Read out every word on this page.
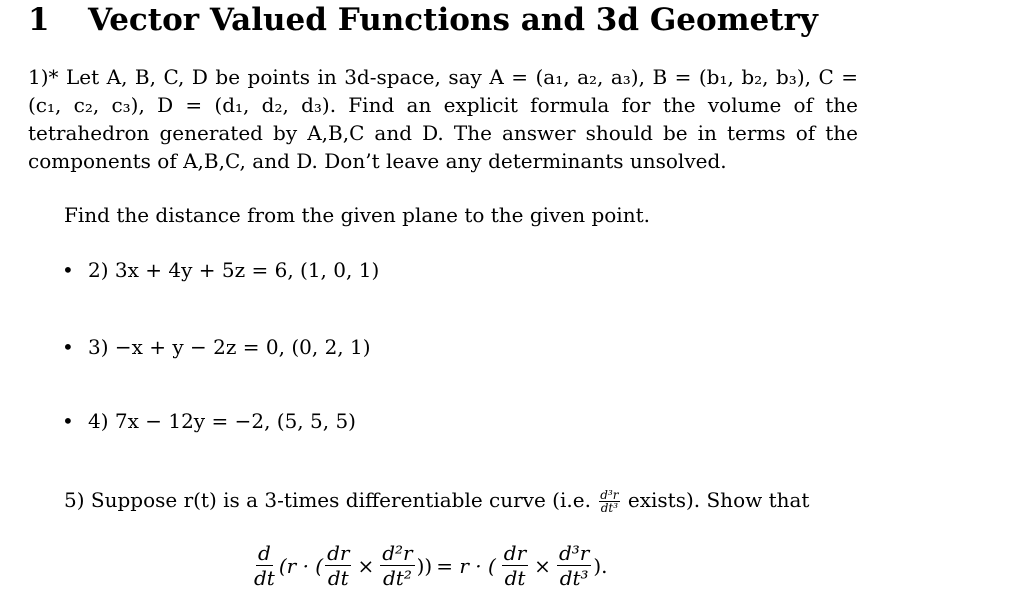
1 Vector Valued Functions and 3d Geometry
1)* Let A, B, C, D be points in 3d-space, say A = (a₁, a₂, a₃), B = (b₁, b₂, b₃), C =
(c₁, c₂, c₃), D = (d₁, d₂, d₃). Find an explicit formula for the volume of the
tetrahedron generated by A,B,C and D. The answer should be in terms of the
components of A,B,C, and D. Don’t leave any determinants unsolved.
Find the distance from the given plane to the given point.
• 2) 3x + 4y + 5z = 6, (1, 0, 1)
• 3) −x + y − 2z = 0, (0, 2, 1)
• 4) 7x − 12y = −2, (5, 5, 5)
5) Suppose r(t) is a 3-times differentiable curve (i.e. $\frac{\text{d³r}}{\text{dt³}}$ exists). Show that
$\frac{d}{dt} (r$ · ( $\frac{dr}{dt} \times \frac{\text{d²r}}{\text{dt²}}$ )) = r · ( $\frac{dr}{dt} \times \frac{\text{d³r}}{\text{dt³}}$ ).
